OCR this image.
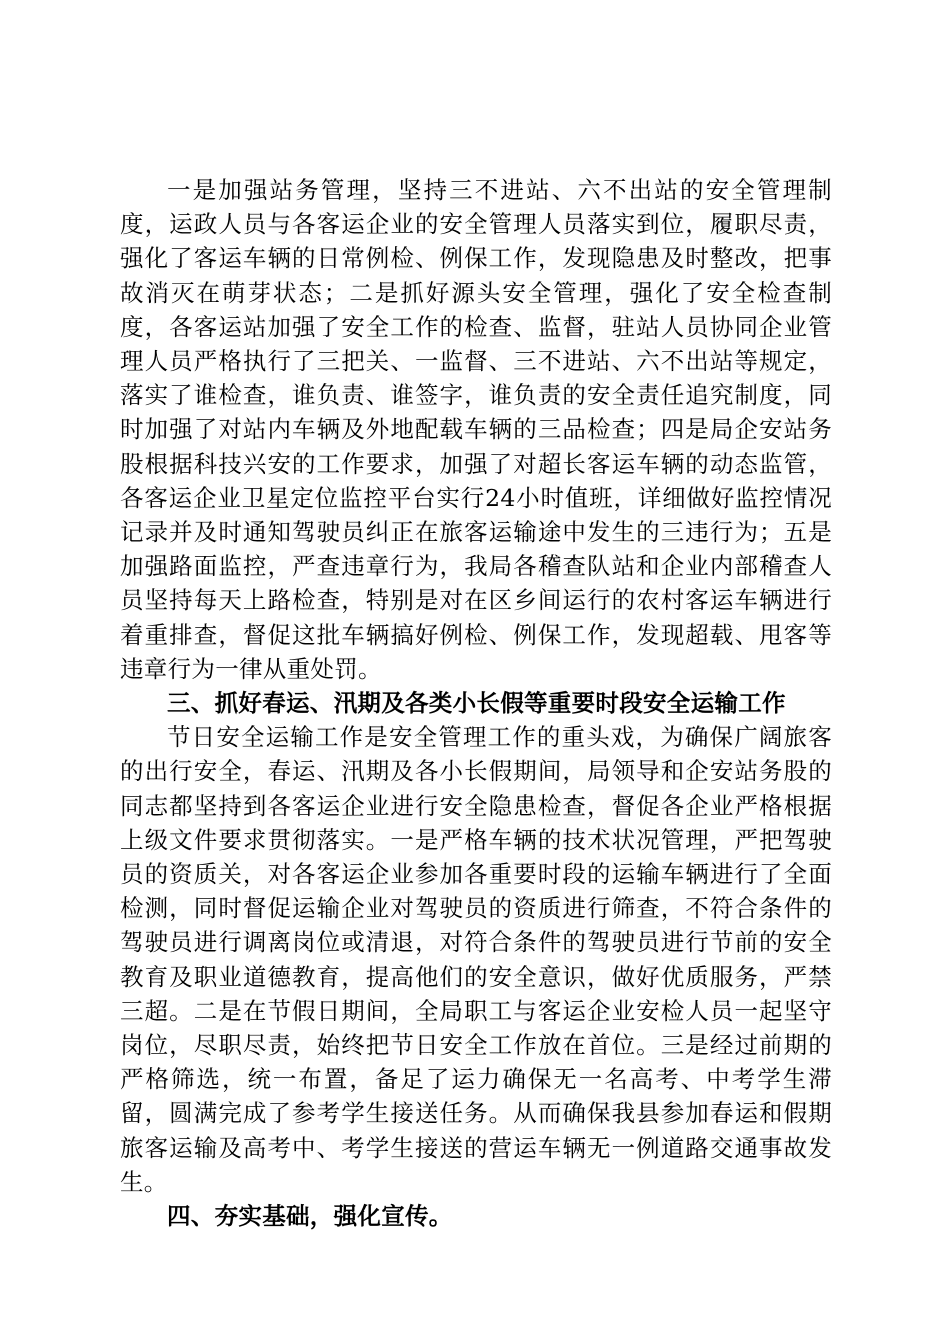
一是加强站务管理，坚持三不进站、六不出站的安全管理制度，运政人员与各客运企业的安全管理人员落实到位，履职尽责，强化了客运车辆的日常例检、例保工作，发现隐患及时整改，把事故消灭在萌芽状态；二是抓好源头安全管理，强化了安全检查制度，各客运站加强了安全工作的检查、监督，驻站人员协同企业管理人员严格执行了三把关、一监督、三不进站、六不出站等规定，落实了谁检查，谁负责、谁签字，谁负责的安全责任追究制度，同时加强了对站内车辆及外地配载车辆的三品检查；四是局企安站务股根据科技兴安的工作要求，加强了对超长客运车辆的动态监管，各客运企业卫星定位监控平台实行24小时值班，详细做好监控情况记录并及时通知驾驶员纠正在旅客运输途中发生的三违行为；五是加强路面监控，严查违章行为，我局各稽查队站和企业内部稽查人员坚持每天上路检查，特别是对在区乡间运行的农村客运车辆进行着重排查，督促这批车辆搞好例检、例保工作，发现超载、甩客等违章行为一律从重处罚。

三、抓好春运、汛期及各类小长假等重要时段安全运输工作

节日安全运输工作是安全管理工作的重头戏，为确保广阔旅客的出行安全，春运、汛期及各小长假期间，局领导和企安站务股的同志都坚持到各客运企业进行安全隐患检查，督促各企业严格根据上级文件要求贯彻落实。一是严格车辆的技术状况管理，严把驾驶员的资质关，对各客运企业参加各重要时段的运输车辆进行了全面检测，同时督促运输企业对驾驶员的资质进行筛查，不符合条件的驾驶员进行调离岗位或清退，对符合条件的驾驶员进行节前的安全教育及职业道德教育，提高他们的安全意识，做好优质服务，严禁三超。二是在节假日期间，全局职工与客运企业安检人员一起坚守岗位，尽职尽责，始终把节日安全工作放在首位。三是经过前期的严格筛选，统一布置，备足了运力确保无一名高考、中考学生滞留，圆满完成了参考学生接送任务。从而确保我县参加春运和假期旅客运输及高考中、考学生接送的营运车辆无一例道路交通事故发生。

四、夯实基础，强化宣传。
